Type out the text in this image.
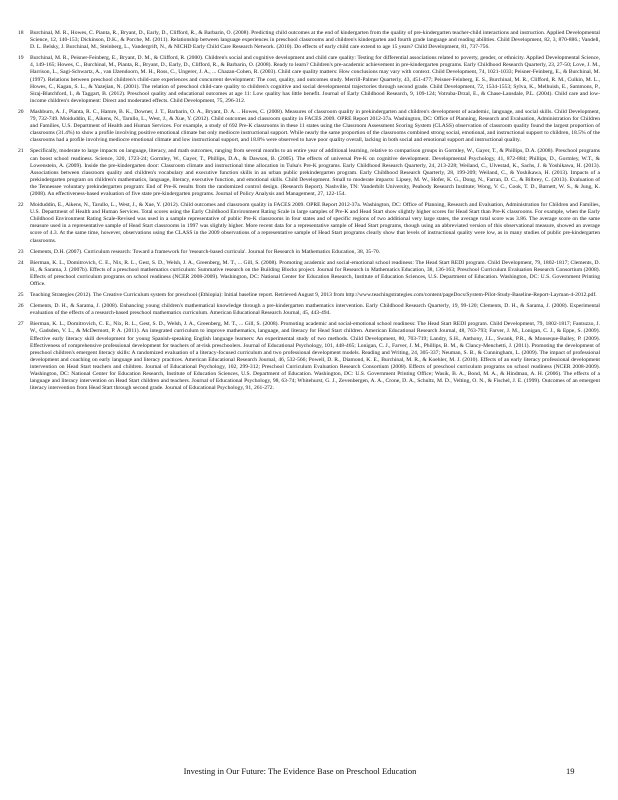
18	Burchinal, M. R., Howes, C. Pianta, R., Bryant, D., Early, D., Clifford, R., & Barbarin, O. (2008). Predicting child outcomes at the end of kindergarten from the quality of pre-kindergarten teacher-child interactions and instruction. Applied Developmental Science, 12, 140-153; Dickinson, D.K., & Porche, M. (2011). Relationship between language experiences in preschool classrooms and children's kindergarten and fourth grade language and reading abilities. Child Development, 82, 3, 870-886.; Vandell, D. L. Belsky, J. Burchinal, M., Steinberg, L., Vandergrift, N., & NICHD Early Child Care Research Network. (2010). Do effects of early child care extend to age 15 years? Child Development, 81, 737-756.
19	Burchinal, M. R., Peisner-Feinberg, E., Bryant, D. M., & Clifford, R. (2000). Children's social and cognitive development and child care quality: Testing for differential associations related to poverty, gender, or ethnicity. Applied Developmental Science, 4, 149-165; Howes, C., Burchinal, M., Pianta, R., Bryant, D., Early, D., Clifford, R., & Barbarin, O. (2008). Ready to learn? Children's pre-academic achievement in pre-kindergarten programs. Early Childhood Research Quarterly, 23, 27-50; Love, J. M., Harrison, L., Sagi-Schwartz, A., van IJzendoorn, M. H., Ross, C., Ungerer, J. A., ... Chazan-Cohen, R. (2003). Child care quality matters: How conclusions may vary with context. Child Development, 74, 1021-1033; Peisner-Feinberg, E., & Burchinal, M. (1997). Relations between preschool children's child-care experiences and concurrent development: The cost, quality, and outcomes study. Merrill-Palmer Quarterly, 43, 451-477; Peisner-Feinberg, E. S., Burchinal, M. R., Clifford, R. M., Culkin, M. L., Howes, C., Kagan, S. L., & Yazejian, N. (2001). The relation of preschool child-care quality to children's cognitive and social developmental trajectories through second grade. Child Development, 72, 1534-1553; Sylva, K., Melhuish, E., Sammons, P., Siraj-Blatchford, I., & Taggart, B. (2012). Preschool quality and educational outcomes at age 11: Low quality has little benefit. Journal of Early Childhood Research, 9, 109-124; Votruba-Drzal, E., & Chase-Lansdale, P.L. (2004). Child care and low-income children's development: Direct and moderated effects. Child Development, 75, 296-312.
20	Mashburn, A. J., Pianta, R. C., Hamre, B. K., Downer, J. T., Barbarin, O. A., Bryant, D. A. .. Howes, C. (2008). Measures of classroom quality in prekindergarten and children's development of academic, language, and social skills. Child Development, 79, 732-749. Moiduddin, E., Aikens, N., Tarullo, L., West, J., & Xue, Y. (2012). Child outcomes and classroom quality in FACES 2009. OPRE Report 2012-37a. Washington, DC: Office of Planning, Research and Evaluation, Administration for Children and Families, U.S. Department of Health and Human Services. For example, a study of 692 Pre-K classrooms in these 11 states using the Classroom Assessment Scoring System (CLASS) observation of classroom quality found the largest proportion of classrooms (31.4%) to show a profile involving positive emotional climate but only mediocre instructional support. While nearly the same proportion of the classrooms combined strong social, emotional, and instructional support to children, 18.5% of the classrooms had a profile involving mediocre emotional climate and low instructional support, and 18.8% were observed to have poor quality overall, lacking in both social and emotional support and instructional quality.
21	Specifically, moderate to large impacts on language, literacy, and math outcomes, ranging from several months to an entire year of additional learning, relative to comparison groups in Gormley, W., Gayer, T., & Phillips, D.A. (2008). Preschool programs can boost school readiness. Science, 320, 1723-24; Gormley, W., Gayer, T., Phillips, D.A., & Dawson, B. (2005). The effects of universal Pre-K on cognitive development. Developmental Psychology, 41, 872-884; Phillips, D., Gormley, W.T., & Lowenstein, A. (2009). Inside the pre-kindergarten door: Classroom climate and instructional time allocation in Tulsa's Pre-K programs. Early Childhood Research Quarterly, 24, 213-228; Weiland, C., Ulvestad, K., Sachs, J. & Yoshikawa, H. (2013). Associations between classroom quality and children's vocabulary and executive function skills in an urban public prekindergarten program. Early Childhood Research Quarterly, 28, 199-209; Weiland, C., & Yoshikawa, H. (2013). Impacts of a prekindergarten program on children's mathematics, language, literacy, executive function, and emotional skills. Child Development. Small to moderate impacts: Lipsey, M. W., Hofer, K. G., Dong, N., Farran, D. C., & Bilbrey, C. (2013). Evaluation of the Tennessee voluntary prekindergarten program: End of Pre-K results from the randomized control design. (Research Report). Nashville, TN: Vanderbilt University, Peabody Research Institute; Wong, V. C., Cook, T. D., Barnett, W. S., & Jung, K. (2008). An effectiveness-based evaluation of five state pre-kindergarten programs. Journal of Policy Analysis and Management, 27, 122-154.
22	Moiduddin, E., Aikens, N., Tarullo, L., West, J., & Xue, Y. (2012). Child outcomes and classroom quality in FACES 2009. OPRE Report 2012-37a. Washington, DC: Office of Planning, Research and Evaluation, Administration for Children and Families, U.S. Department of Health and Human Services. Total scores using the Early Childhood Environment Rating Scale in large samples of Pre-K and Head Start show slightly higher scores for Head Start than Pre-K classrooms. For example, when the Early Childhood Environment Rating Scale-Revised was used in a sample representative of public Pre-K classrooms in four states and of specific regions of two additional very large states, the average total score was 3.86. The average score on the same measure used in a representative sample of Head Start classrooms in 1997 was slightly higher. More recent data for a representative sample of Head Start programs, though using an abbreviated version of this observational measure, showed an average score of 4.3. At the same time, however, observations using the CLASS in the 2009 observations of a representative sample of Head Start programs clearly show that levels of instructional quality were low, as in many studies of public pre-kindergarten classrooms.
23	Clements, D.H. (2007). Curriculum research: Toward a framework for 'research-based curricula'. Journal for Research in Mathematics Education, 38, 35-70.
24	Bierman, K. L., Domitrovich, C. E., Nix, R. L., Gest, S. D., Welsh, J. A., Greenberg, M. T., ... Gill, S. (2008). Promoting academic and social-emotional school readiness: The Head Start REDI program. Child Development, 79, 1802-1817; Clements, D. H., & Sarama, J. (2007b). Effects of a preschool mathematics curriculum: Summative research on the Building Blocks project. Journal for Research in Mathematics Education, 38, 136-163; Preschool Curriculum Evaluation Research Consortium (2008). Effects of preschool curriculum programs on school readiness (NCER 2008-2009). Washington, DC: National Center for Education Research, Institute of Education Sciences, U.S. Department of Education. Washington, DC: U.S. Government Printing Office.
25	Teaching Strategies (2012). The Creative Curriculum system for preschool (Ethiopia): Initial baseline report. Retrieved August 9, 2013 from http://www.teachingstrategies.com/content/pageDocs/System-Pilot-Study-Baseline-Report-Layman-4-2012.pdf.
26	Clements, D. H., & Sarama, J. (2008). Enhancing young children's mathematical knowledge through a pre-kindergarten mathematics intervention. Early Childhood Research Quarterly, 19, 99-120; Clements, D. H., & Sarama, J. (2008). Experimental evaluation of the effects of a research-based preschool mathematics curriculum. American Educational Research Journal, 45, 443-494.
27	Bierman, K. L., Domitrovich, C. E., Nix, R. L., Gest, S. D., Welsh, J. A., Greenberg, M. T., ... Gill, S. (2008). Promoting academic and social-emotional school readiness: The Head Start REDI program. Child Development, 79, 1802-1817; Fantuzzo, J. W., Gadsden, V. L., & McDermott, P. A. (2011). An integrated curriculum to improve mathematics, language, and literacy for Head Start children. American Educational Research Journal, 48, 763-793; Farver, J. M., Lonigan, C. J., & Eppe, S. (2009). Effective early literacy skill development for young Spanish-speaking English language learners: An experimental study of two methods. Child Development, 80, 703-719; Landry, S.H., Anthony, J.L., Swank, P.R., & Monseque-Bailey, P. (2009). Effectiveness of comprehensive professional development for teachers of at-risk preschoolers. Journal of Educational Psychology, 101, 448-465; Lonigan, C. J., Farver, J. M., Phillips, B. M., & Clancy-Menchetti, J. (2011). Promoting the development of preschool children's emergent literacy skills: A randomized evaluation of a literacy-focused curriculum and two professional development models. Reading and Writing, 24, 305-337; Neuman, S. B., & Cunningham, L. (2009). The impact of professional development and coaching on early language and literacy practices. American Educational Research Journal, 46, 532-566; Powell, D. R., Diamond, K. E., Burchinal, M. R., & Koehler, M. J. (2010). Effects of an early literacy professional development intervention on Head Start teachers and children. Journal of Educational Psychology, 102, 299-312; Preschool Curriculum Evaluation Research Consortium (2008). Effects of preschool curriculum programs on school readiness (NCER 2008-2009). Washington, DC: National Center for Education Research, Institute of Education Sciences, U.S. Department of Education. Washington, DC: U.S. Government Printing Office; Wasik, B. A., Bond, M. A., & Hindman, A. H. (2006). The effects of a language and literacy intervention on Head Start children and teachers. Journal of Educational Psychology, 98, 63-74; Whitehurst, G. J., Zevenbergen, A. A., Crone, D. A., Schultz, M. D., Velting, O. N., & Fischel, J. E. (1999). Outcomes of an emergent literacy intervention from Head Start through second grade. Journal of Educational Psychology, 91, 261-272.
Investing in Our Future: The Evidence Base on Preschool Education	19
